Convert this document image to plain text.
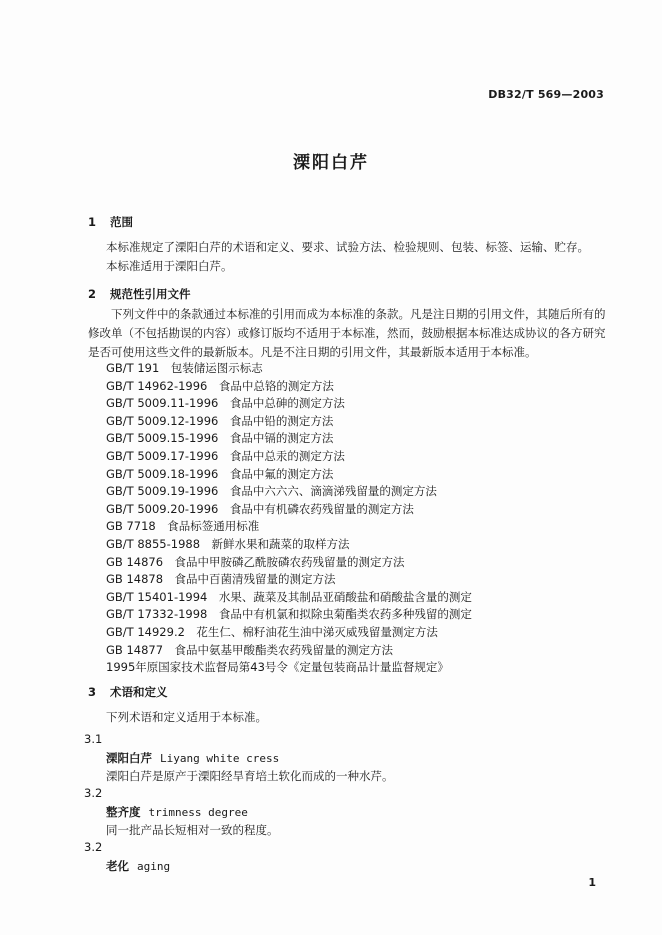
DB32/T 569—2003
溧阳白芹
1 范围
本标准规定了溧阳白芹的术语和定义、要求、试验方法、检验规则、包装、标签、运输、贮存。
本标准适用于溧阳白芹。
2 规范性引用文件
下列文件中的条款通过本标准的引用而成为本标准的条款。凡是注日期的引用文件，其随后所有的修改单（不包括勘误的内容）或修订版均不适用于本标准，然而，鼓励根据本标准达成协议的各方研究是否可使用这些文件的最新版本。凡是不注日期的引用文件，其最新版本适用于本标准。
GB/T 191　包装储运图示标志
GB/T 14962-1996　食品中总铬的测定方法
GB/T 5009.11-1996　食品中总砷的测定方法
GB/T 5009.12-1996　食品中铅的测定方法
GB/T 5009.15-1996　食品中镉的测定方法
GB/T 5009.17-1996　食品中总汞的测定方法
GB/T 5009.18-1996　食品中氟的测定方法
GB/T 5009.19-1996　食品中六六六、滴滴涕残留量的测定方法
GB/T 5009.20-1996　食品中有机磷农药残留量的测定方法
GB 7718　食品标签通用标准
GB/T 8855-1988　新鲜水果和蔬菜的取样方法
GB 14876　食品中甲胺磷乙酰胺磷农药残留量的测定方法
GB 14878　食品中百菌清残留量的测定方法
GB/T 15401-1994　水果、蔬菜及其制品亚硝酸盐和硝酸盐含量的测定
GB/T 17332-1998　食品中有机氯和拟除虫菊酯类农药多种残留的测定
GB/T 14929.2　花生仁、棉籽油花生油中涕灭威残留量测定方法
GB 14877　食品中氨基甲酸酯类农药残留量的测定方法
1995年原国家技术监督局第43号令《定量包装商品计量监督规定》
3 术语和定义
下列术语和定义适用于本标准。
3.1
溧阳白芹 Liyang white cress
溧阳白芹是原产于溧阳经旱育培土软化而成的一种水芹。
3.2
整齐度 trimness degree
同一批产品长短相对一致的程度。
3.2
老化 aging
1
